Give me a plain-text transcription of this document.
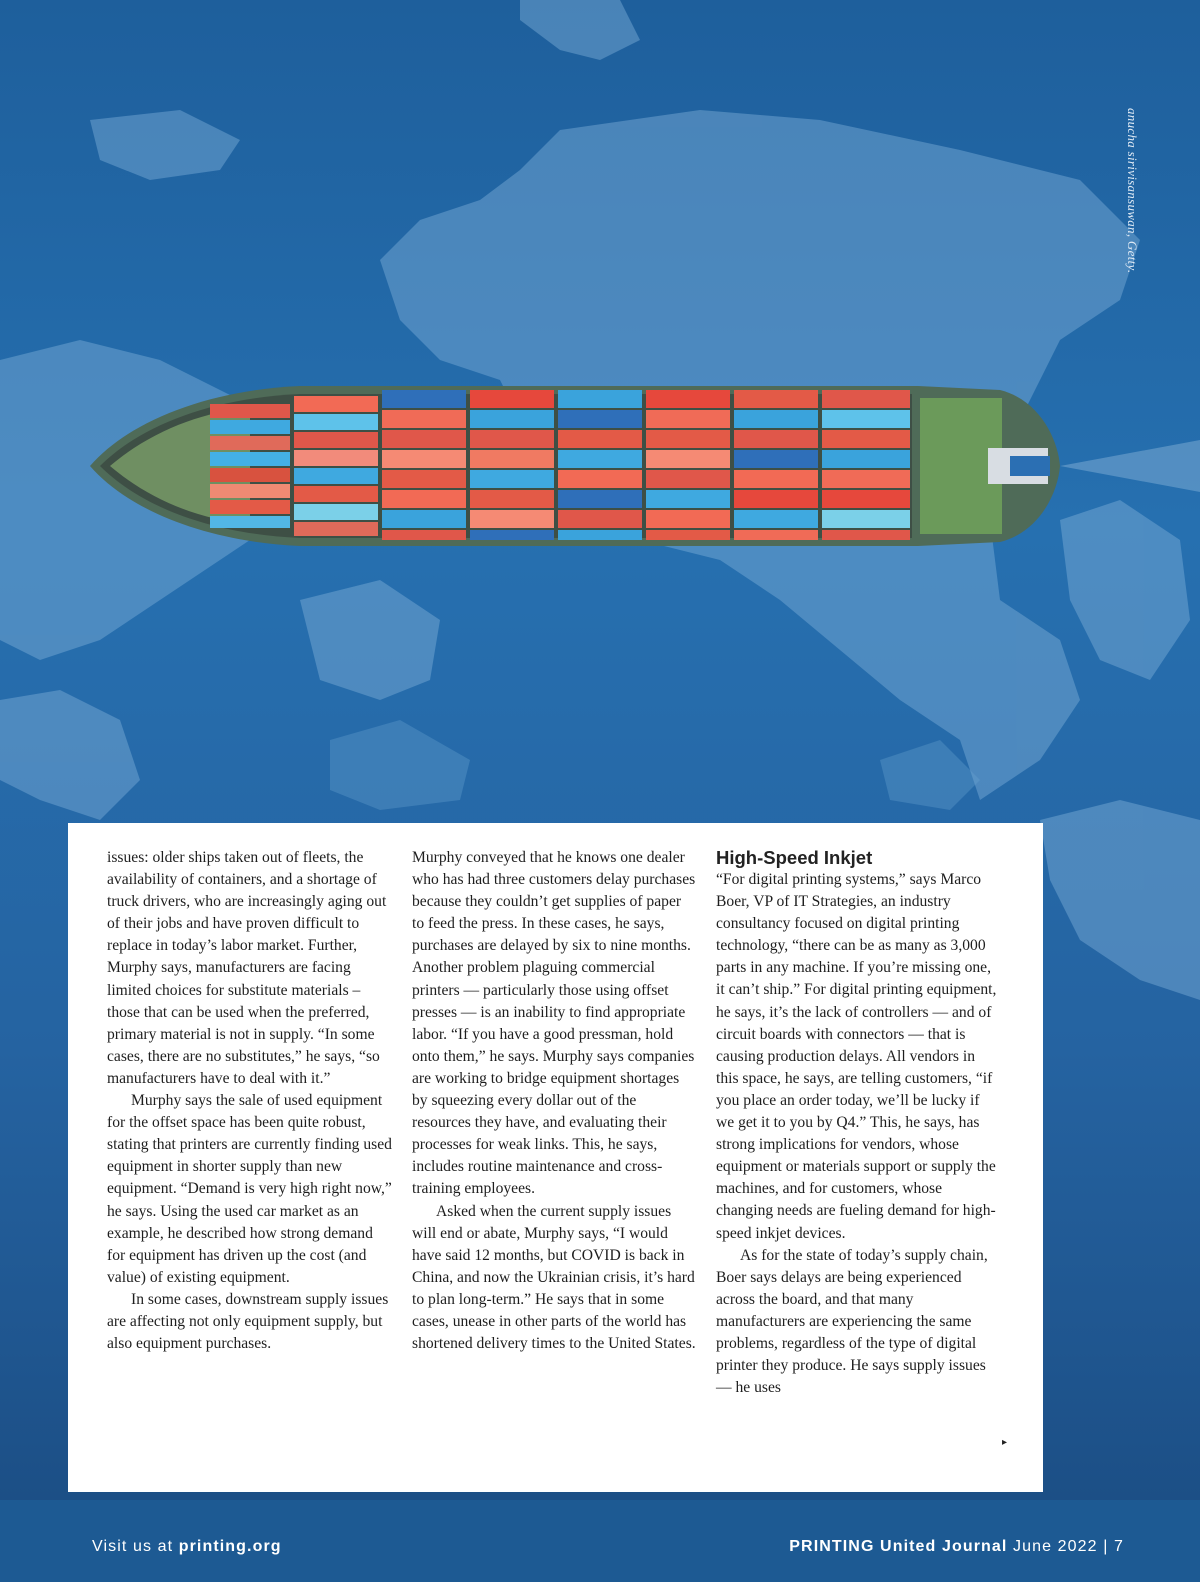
anucha sirivisansuwan, Getty.

issues: older ships taken out of fleets, the availability of containers, and a shortage of truck drivers, who are increasingly aging out of their jobs and have proven difficult to replace in today’s labor market. Further, Murphy says, manufacturers are facing limited choices for substitute materials – those that can be used when the preferred, primary material is not in supply. “In some cases, there are no substitutes,” he says, “so manufacturers have to deal with it.”

Murphy says the sale of used equipment for the offset space has been quite robust, stating that printers are currently finding used equipment in shorter supply than new equipment. “Demand is very high right now,” he says. Using the used car market as an example, he described how strong demand for equipment has driven up the cost (and value) of existing equipment.

In some cases, downstream supply issues are affecting not only equipment supply, but also equipment purchases.

Murphy conveyed that he knows one dealer who has had three customers delay purchases because they couldn’t get supplies of paper to feed the press. In these cases, he says, purchases are delayed by six to nine months. Another problem plaguing commercial printers — particularly those using offset presses — is an inability to find appropriate labor. “If you have a good pressman, hold onto them,” he says. Murphy says companies are working to bridge equipment shortages by squeezing every dollar out of the resources they have, and evaluating their processes for weak links. This, he says, includes routine maintenance and cross-training employees.

Asked when the current supply issues will end or abate, Murphy says, “I would have said 12 months, but COVID is back in China, and now the Ukrainian crisis, it’s hard to plan long-term.” He says that in some cases, unease in other parts of the world has shortened delivery times to the United States.

High-Speed Inkjet

“For digital printing systems,” says Marco Boer, VP of IT Strategies, an industry consultancy focused on digital printing technology, “there can be as many as 3,000 parts in any machine. If you’re missing one, it can’t ship.” For digital printing equipment, he says, it’s the lack of controllers — and of circuit boards with connectors — that is causing production delays. All vendors in this space, he says, are telling customers, “if you place an order today, we’ll be lucky if we get it to you by Q4.” This, he says, has strong implications for vendors, whose equipment or materials support or supply the machines, and for customers, whose changing needs are fueling demand for high-speed inkjet devices.

As for the state of today’s supply chain, Boer says delays are being experienced across the board, and that many manufacturers are experiencing the same problems, regardless of the type of digital printer they produce. He says supply issues — he uses

▸
Visit us at printing.org	PRINTING United Journal June 2022 | 7
